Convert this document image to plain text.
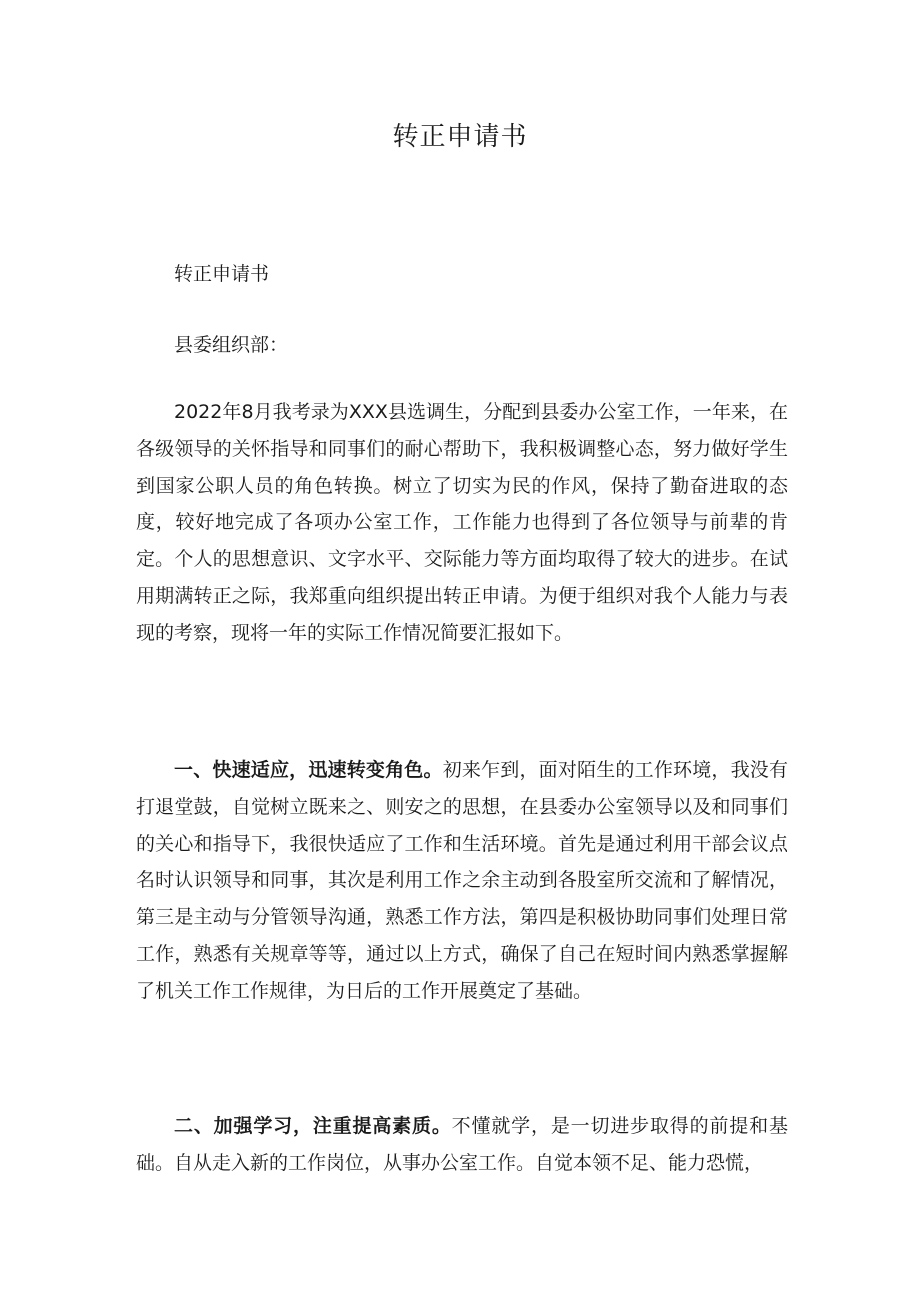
转正申请书

转正申请书

县委组织部：

2022年8月我考录为XXX县选调生，分配到县委办公室工作，一年来，在各级领导的关怀指导和同事们的耐心帮助下，我积极调整心态，努力做好学生到国家公职人员的角色转换。树立了切实为民的作风，保持了勤奋进取的态度，较好地完成了各项办公室工作，工作能力也得到了各位领导与前辈的肯定。个人的思想意识、文字水平、交际能力等方面均取得了较大的进步。在试用期满转正之际，我郑重向组织提出转正申请。为便于组织对我个人能力与表现的考察，现将一年的实际工作情况简要汇报如下。

一、快速适应，迅速转变角色。初来乍到，面对陌生的工作环境，我没有打退堂鼓，自觉树立既来之、则安之的思想，在县委办公室领导以及和同事们的关心和指导下，我很快适应了工作和生活环境。首先是通过利用干部会议点名时认识领导和同事，其次是利用工作之余主动到各股室所交流和了解情况，第三是主动与分管领导沟通，熟悉工作方法，第四是积极协助同事们处理日常工作，熟悉有关规章等等，通过以上方式，确保了自己在短时间内熟悉掌握解了机关工作工作规律，为日后的工作开展奠定了基础。

二、加强学习，注重提高素质。不懂就学，是一切进步取得的前提和基础。自从走入新的工作岗位，从事办公室工作。自觉本领不足、能力恐慌，
